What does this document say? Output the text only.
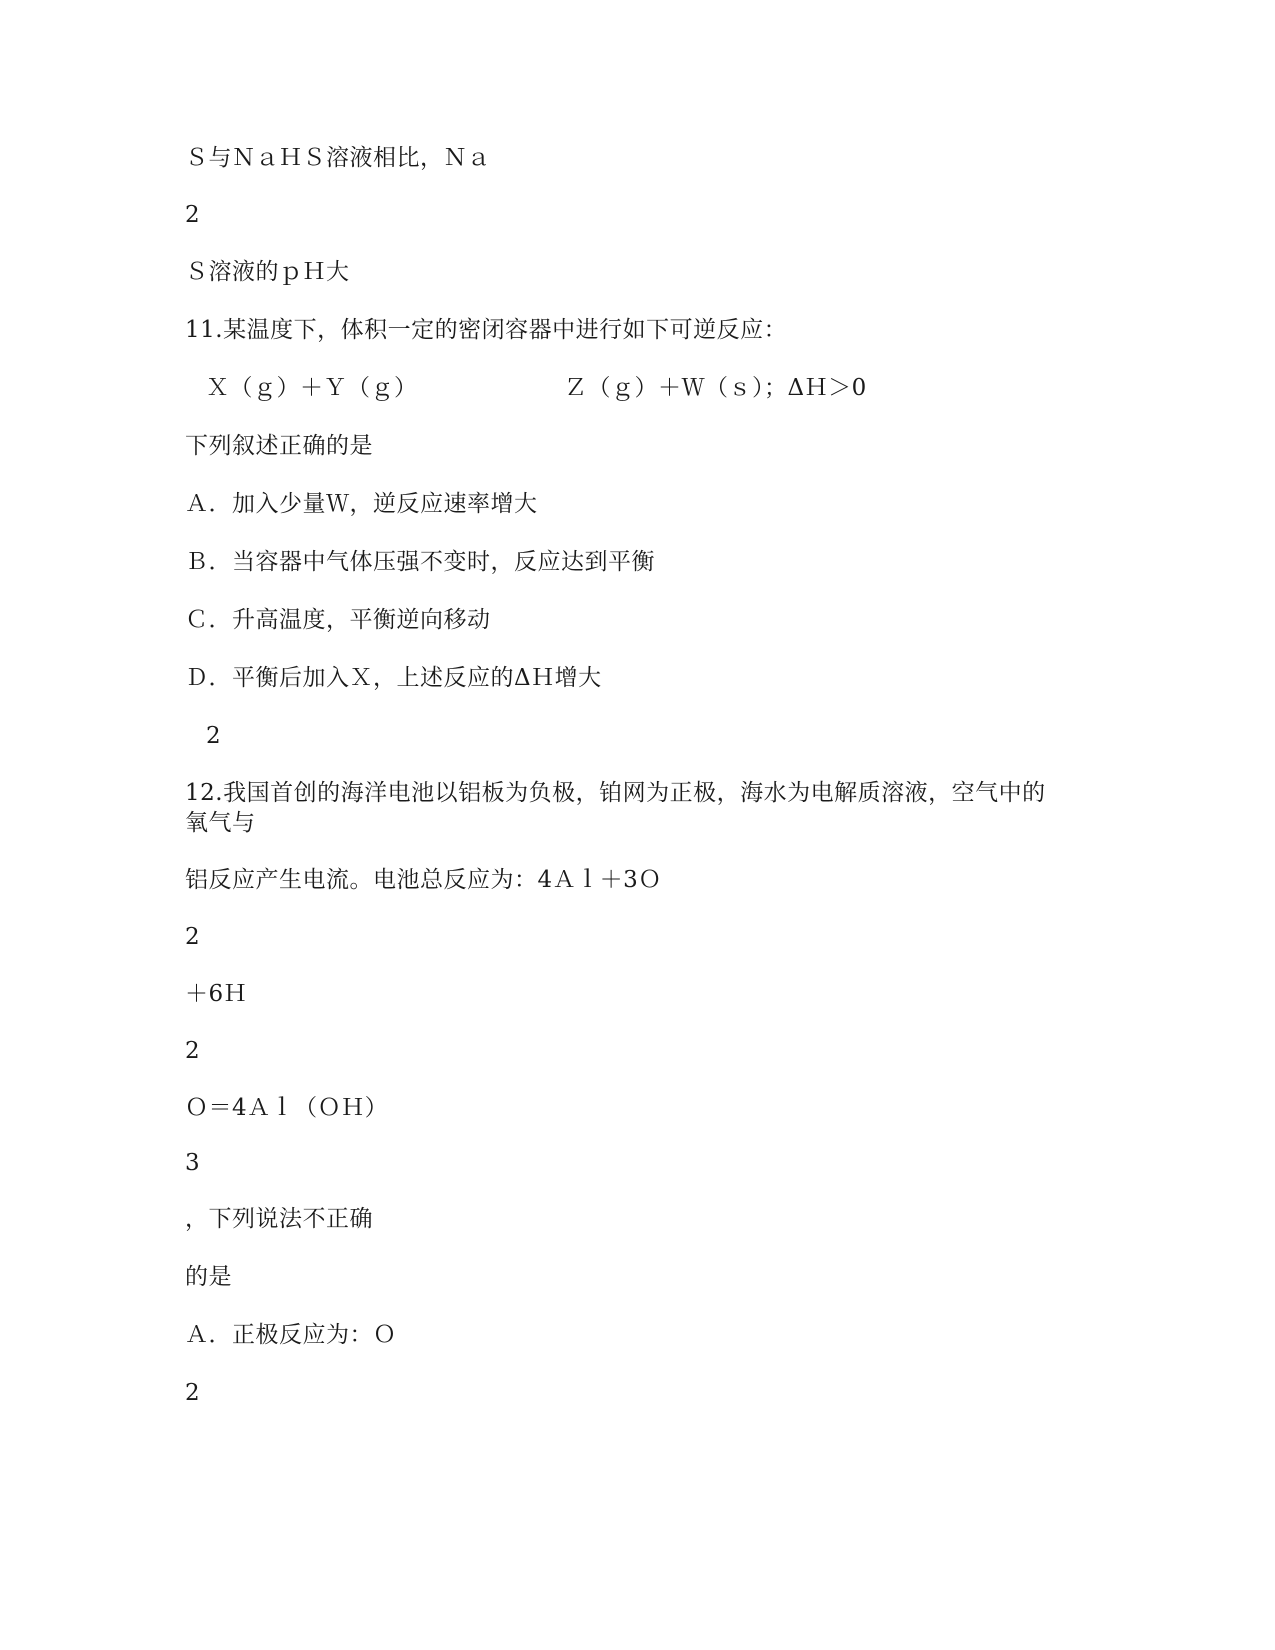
Ｓ与ＮａＨＳ溶液相比，Ｎａ
2
Ｓ溶液的ｐＨ大
11.某温度下，体积一定的密闭容器中进行如下可逆反应：
Ｘ（ｇ）＋Ｙ（ｇ）	Ｚ（ｇ）＋Ｗ（ｓ）；ΔＨ＞0
下列叙述正确的是
Ａ．加入少量Ｗ，逆反应速率增大
Ｂ．当容器中气体压强不变时，反应达到平衡
Ｃ．升高温度，平衡逆向移动
Ｄ．平衡后加入Ｘ，上述反应的ΔＨ增大
2
12.我国首创的海洋电池以铝板为负极，铂网为正极，海水为电解质溶液，空气中的氧气与
铝反应产生电流。电池总反应为：4Ａｌ＋3Ｏ
2
＋6Ｈ
2
Ｏ＝4Ａｌ（ＯＨ）
3
，下列说法不正确
的是
Ａ．正极反应为：Ｏ
2
